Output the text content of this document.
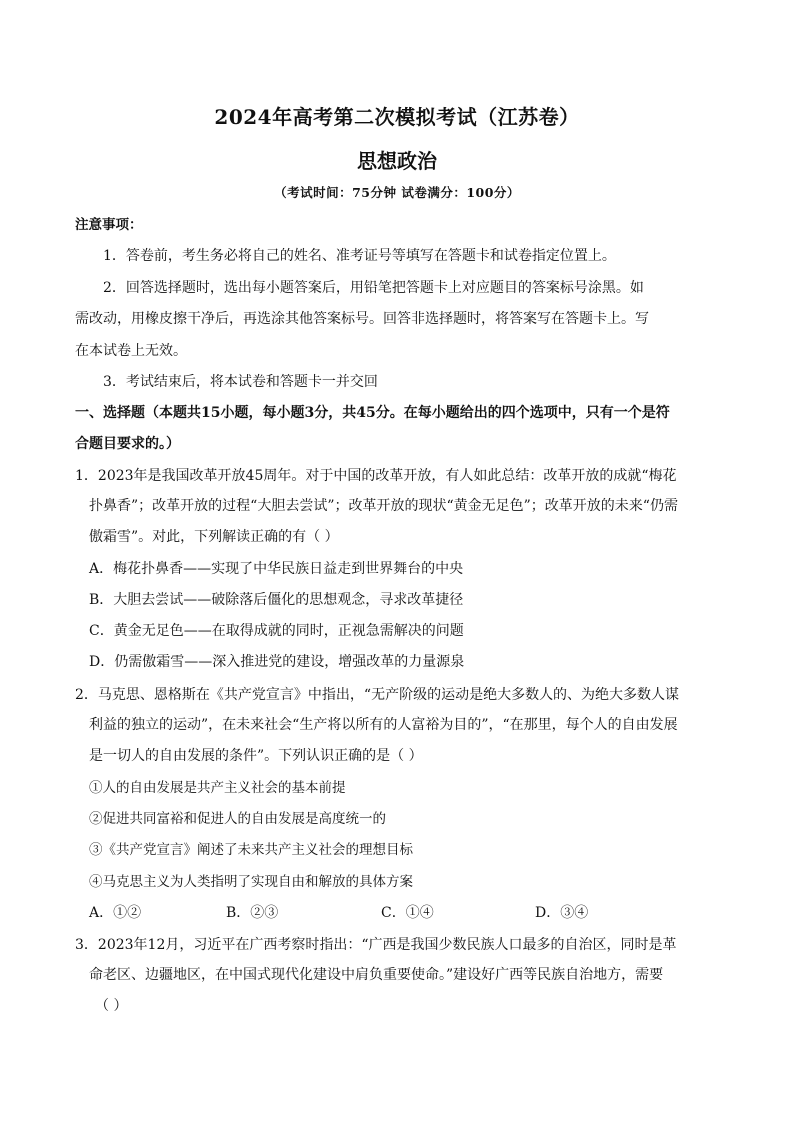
2024年高考第二次模拟考试（江苏卷）
思想政治
（考试时间：75分钟 试卷满分：100分）
注意事项：
1．答卷前，考生务必将自己的姓名、准考证号等填写在答题卡和试卷指定位置上。
2．回答选择题时，选出每小题答案后，用铅笔把答题卡上对应题目的答案标号涂黑。如
需改动，用橡皮擦干净后，再选涂其他答案标号。回答非选择题时，将答案写在答题卡上。写
在本试卷上无效。
3．考试结束后，将本试卷和答题卡一并交回
一、选择题（本题共15小题，每小题3分，共45分。在每小题给出的四个选项中，只有一个是符
合题目要求的。）
1．2023年是我国改革开放45周年。对于中国的改革开放，有人如此总结：改革开放的成就“梅花
扑鼻香”；改革开放的过程“大胆去尝试”；改革开放的现状“黄金无足色”；改革开放的未来“仍需
傲霜雪”。对此，下列解读正确的有（ ）
A．梅花扑鼻香——实现了中华民族日益走到世界舞台的中央
B．大胆去尝试——破除落后僵化的思想观念，寻求改革捷径
C．黄金无足色——在取得成就的同时，正视急需解决的问题
D．仍需傲霜雪——深入推进党的建设，增强改革的力量源泉
2．马克思、恩格斯在《共产党宣言》中指出，“无产阶级的运动是绝大多数人的、为绝大多数人谋
利益的独立的运动”，在未来社会“生产将以所有的人富裕为目的”，“在那里，每个人的自由发展
是一切人的自由发展的条件”。下列认识正确的是（ ）
①人的自由发展是共产主义社会的基本前提
②促进共同富裕和促进人的自由发展是高度统一的
③《共产党宣言》阐述了未来共产主义社会的理想目标
④马克思主义为人类指明了实现自由和解放的具体方案
A．①②	B．②③	C．①④	D．③④
3．2023年12月，习近平在广西考察时指出：“广西是我国少数民族人口最多的自治区，同时是革
命老区、边疆地区，在中国式现代化建设中肩负重要使命。”建设好广西等民族自治地方，需要
（ ）
